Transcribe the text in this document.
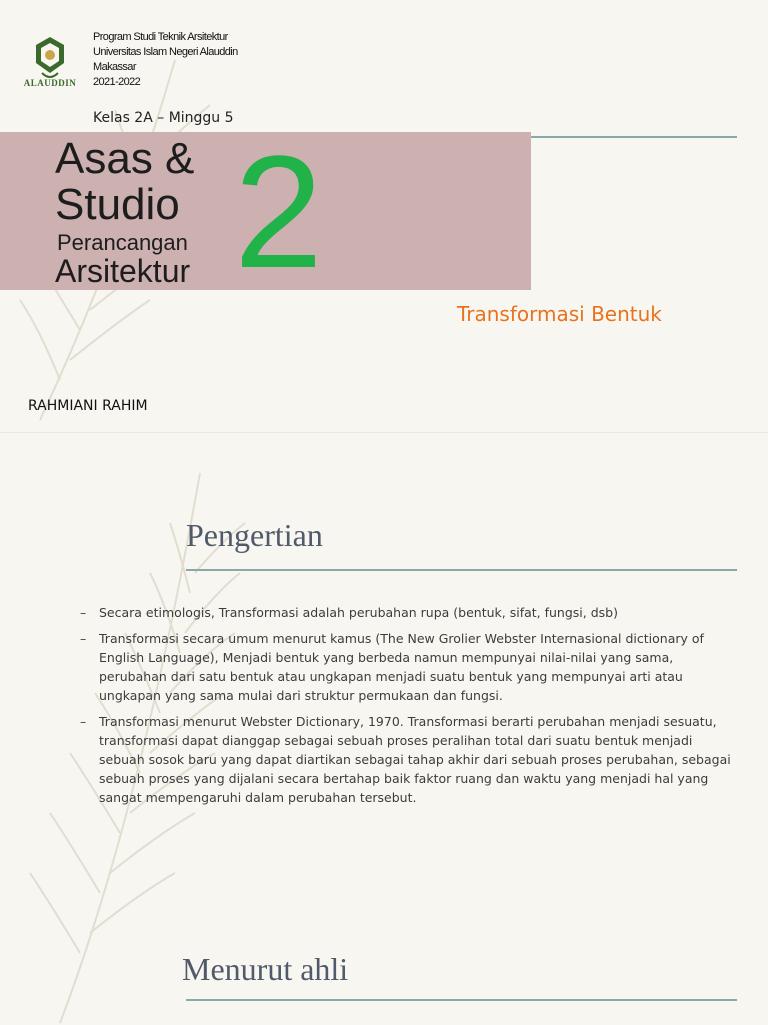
ALAUDDIN
Program Studi Teknik Arsitektur
Universitas Islam Negeri Alauddin
Makassar
2021-2022
Kelas 2A – Minggu 5
Asas &
Studio
Perancangan
Arsitektur 2
Transformasi Bentuk
RAHMIANI RAHIM
Pengertian
– Secara etimologis, Transformasi adalah perubahan rupa (bentuk, sifat, fungsi, dsb)
– Transformasi secara umum menurut kamus (The New Grolier Webster Internasional dictionary of English Language), Menjadi bentuk yang berbeda namun mempunyai nilai-nilai yang sama, perubahan dari satu bentuk atau ungkapan menjadi suatu bentuk yang mempunyai arti atau ungkapan yang sama mulai dari struktur permukaan dan fungsi.
– Transformasi menurut Webster Dictionary, 1970. Transformasi berarti perubahan menjadi sesuatu, transformasi dapat dianggap sebagai sebuah proses peralihan total dari suatu bentuk menjadi sebuah sosok baru yang dapat diartikan sebagai tahap akhir dari sebuah proses perubahan, sebagai sebuah proses yang dijalani secara bertahap baik faktor ruang dan waktu yang menjadi hal yang sangat mempengaruhi dalam perubahan tersebut.
Menurut ahli
